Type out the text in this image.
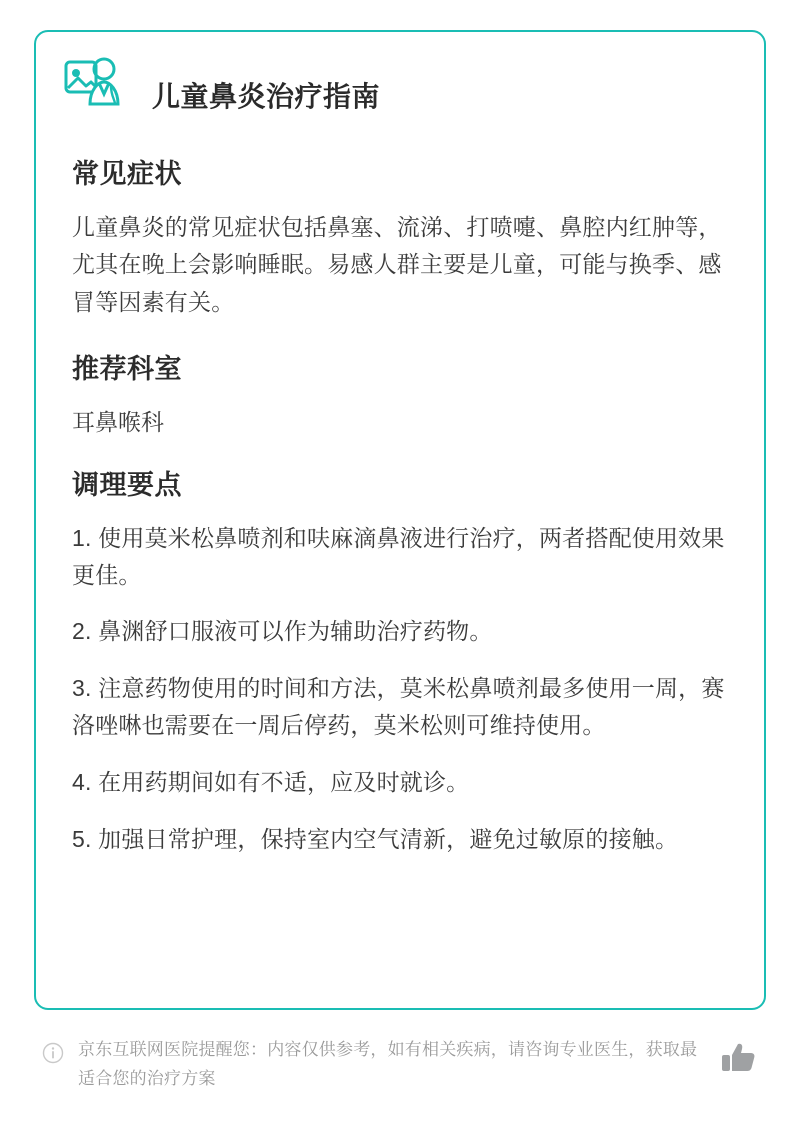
儿童鼻炎治疗指南
常见症状

儿童鼻炎的常见症状包括鼻塞、流涕、打喷嚏、鼻腔内红肿等，尤其在晚上会影响睡眠。易感人群主要是儿童，可能与换季、感冒等因素有关。

推荐科室

耳鼻喉科

调理要点
1. 使用莫米松鼻喷剂和呋麻滴鼻液进行治疗，两者搭配使用效果更佳。
2. 鼻渊舒口服液可以作为辅助治疗药物。
3. 注意药物使用的时间和方法，莫米松鼻喷剂最多使用一周，赛洛唑啉也需要在一周后停药，莫米松则可维持使用。
4. 在用药期间如有不适，应及时就诊。
5. 加强日常护理，保持室内空气清新，避免过敏原的接触。
京东互联网医院提醒您：内容仅供参考，如有相关疾病，请咨询专业医生，获取最适合您的治疗方案
